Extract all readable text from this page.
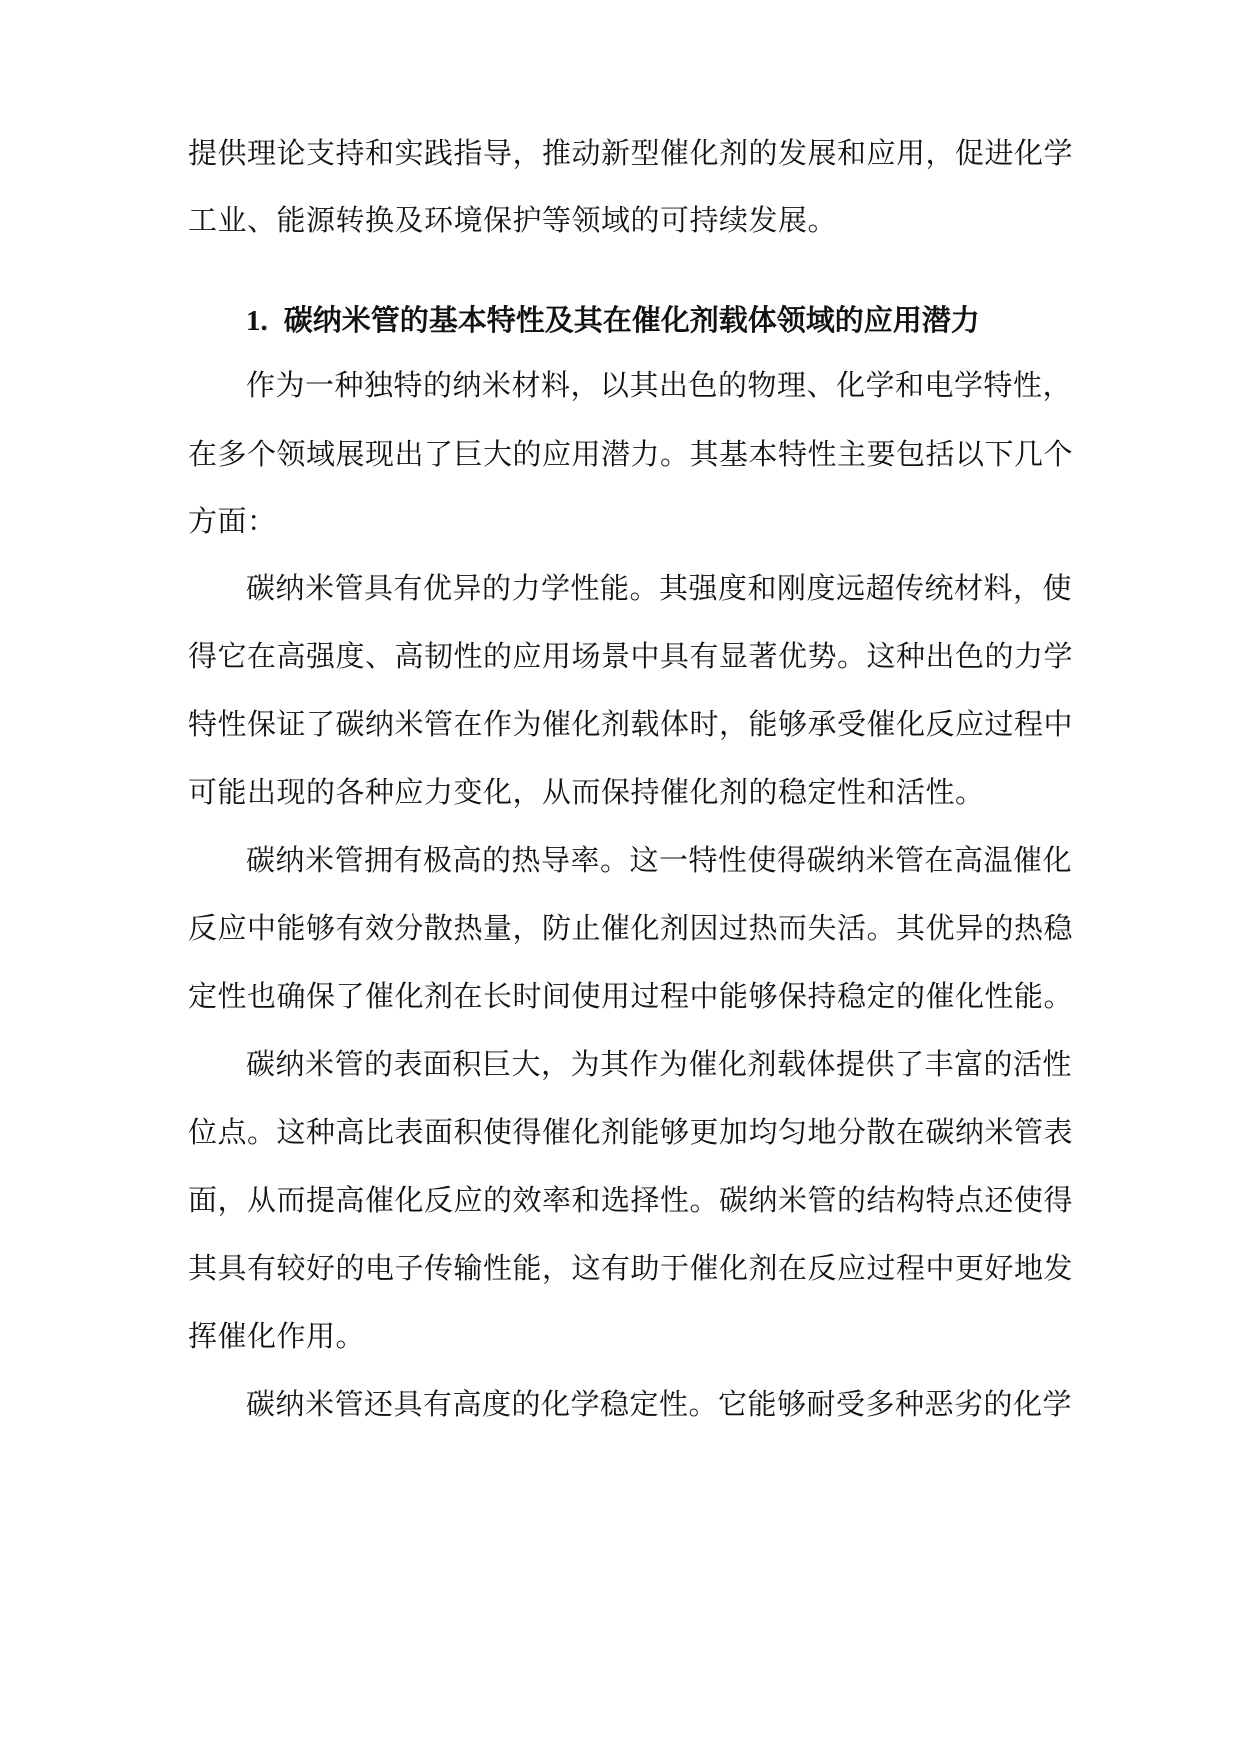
提供理论支持和实践指导，推动新型催化剂的发展和应用，促进化学
工业、能源转换及环境保护等领域的可持续发展。
1. 碳纳米管的基本特性及其在催化剂载体领域的应用潜力
作为一种独特的纳米材料，以其出色的物理、化学和电学特性，
在多个领域展现出了巨大的应用潜力。其基本特性主要包括以下几个
方面：
碳纳米管具有优异的力学性能。其强度和刚度远超传统材料，使
得它在高强度、高韧性的应用场景中具有显著优势。这种出色的力学
特性保证了碳纳米管在作为催化剂载体时，能够承受催化反应过程中
可能出现的各种应力变化，从而保持催化剂的稳定性和活性。
碳纳米管拥有极高的热导率。这一特性使得碳纳米管在高温催化
反应中能够有效分散热量，防止催化剂因过热而失活。其优异的热稳
定性也确保了催化剂在长时间使用过程中能够保持稳定的催化性能。
碳纳米管的表面积巨大，为其作为催化剂载体提供了丰富的活性
位点。这种高比表面积使得催化剂能够更加均匀地分散在碳纳米管表
面，从而提高催化反应的效率和选择性。碳纳米管的结构特点还使得
其具有较好的电子传输性能，这有助于催化剂在反应过程中更好地发
挥催化作用。
碳纳米管还具有高度的化学稳定性。它能够耐受多种恶劣的化学
